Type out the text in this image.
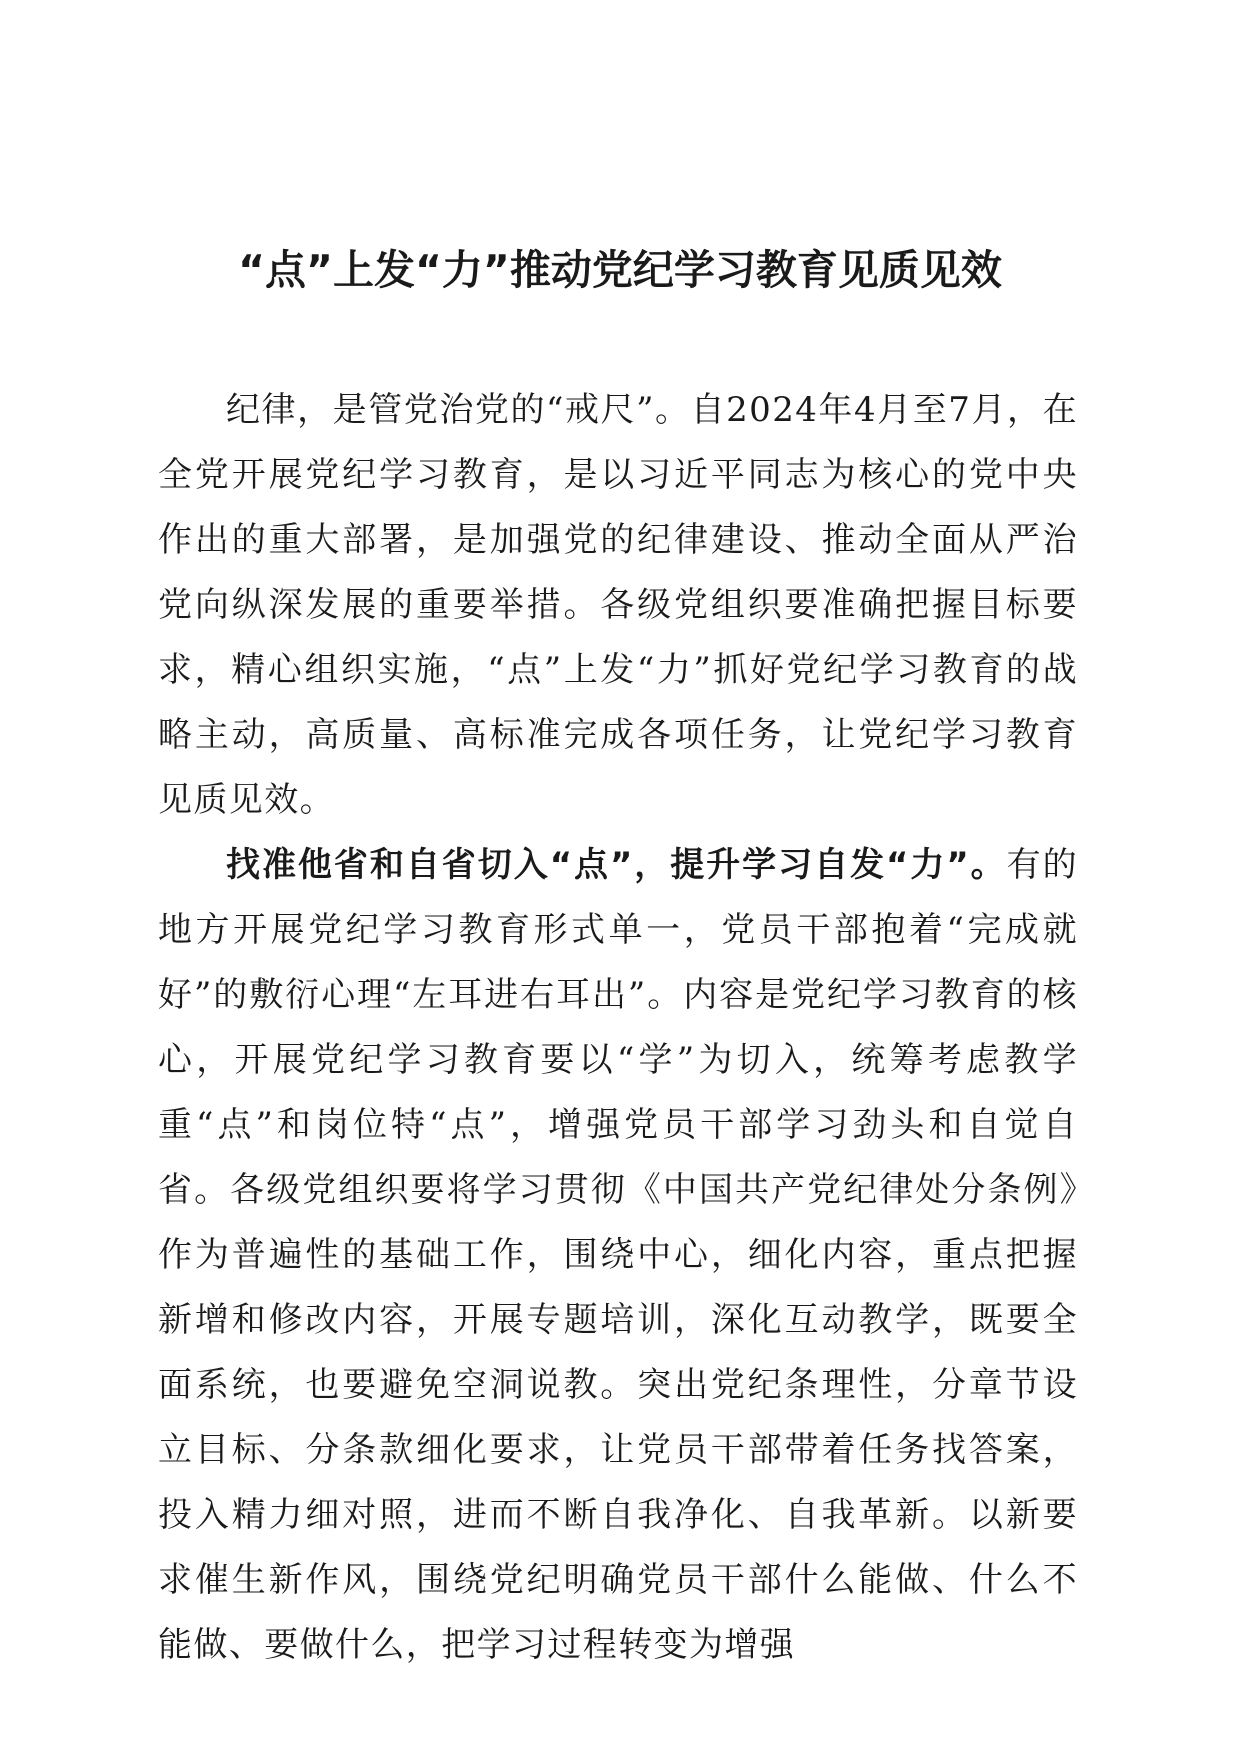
“点”上发“力”推动党纪学习教育见质见效

纪律，是管党治党的“戒尺”。自2024年4月至7月，在全党开展党纪学习教育，是以习近平同志为核心的党中央作出的重大部署，是加强党的纪律建设、推动全面从严治党向纵深发展的重要举措。各级党组织要准确把握目标要求，精心组织实施，“点”上发“力”抓好党纪学习教育的战略主动，高质量、高标准完成各项任务，让党纪学习教育见质见效。

找准他省和自省切入“点”，提升学习自发“力”。有的地方开展党纪学习教育形式单一，党员干部抱着“完成就好”的敷衍心理“左耳进右耳出”。内容是党纪学习教育的核心，开展党纪学习教育要以“学”为切入，统筹考虑教学重“点”和岗位特“点”，增强党员干部学习劲头和自觉自省。各级党组织要将学习贯彻《中国共产党纪律处分条例》作为普遍性的基础工作，围绕中心，细化内容，重点把握新增和修改内容，开展专题培训，深化互动教学，既要全面系统，也要避免空洞说教。突出党纪条理性，分章节设立目标、分条款细化要求，让党员干部带着任务找答案，投入精力细对照，进而不断自我净化、自我革新。以新要求催生新作风，围绕党纪明确党员干部什么能做、什么不能做、要做什么，把学习过程转变为增强
